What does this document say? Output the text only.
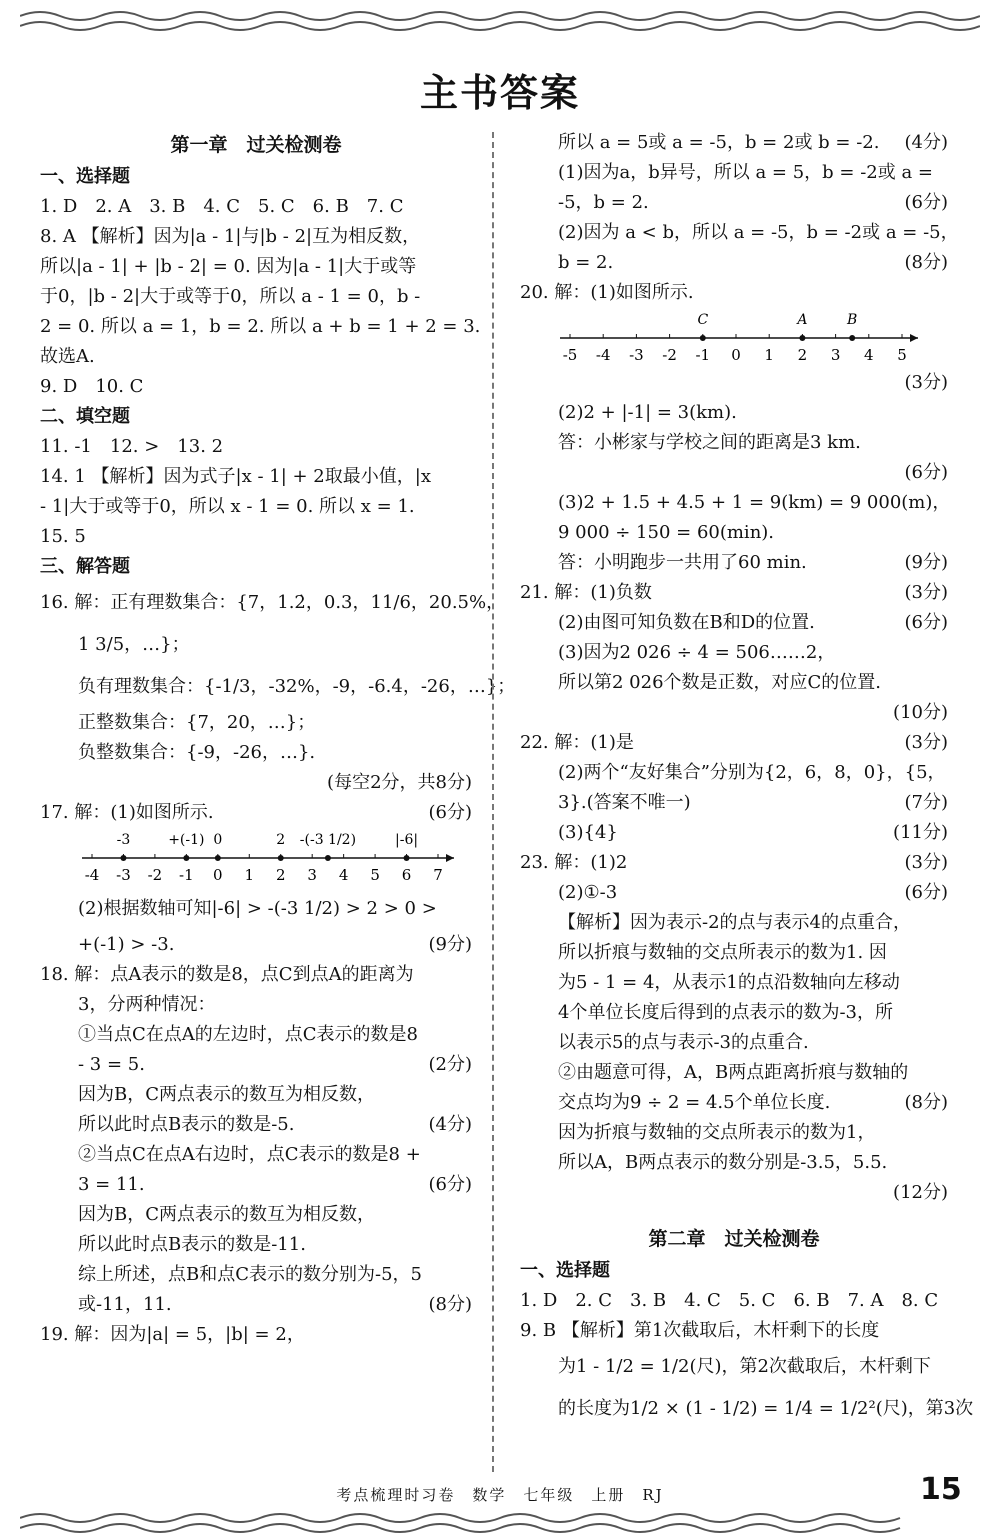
主书答案
第一章　过关检测卷
一、选择题
1. D　2. A　3. B　4. C　5. C　6. B　7. C
8. A 【解析】因为|a - 1|与|b - 2|互为相反数，
所以|a - 1| + |b - 2| = 0. 因为|a - 1|大于或等
于0，|b - 2|大于或等于0，所以 a - 1 = 0，b -
2 = 0. 所以 a = 1，b = 2. 所以 a + b = 1 + 2 = 3.
故选A.
9. D　10. C
二、填空题
11. -1　12. >　13. 2
14. 1 【解析】因为式子|x - 1| + 2取最小值，|x
- 1|大于或等于0，所以 x - 1 = 0. 所以 x = 1.
15. 5
三、解答题
16. 解：正有理数集合：{7，1.2̇，0.3，11/6，20.5%，
1 3/5，…}；
负有理数集合：{-1/3，-32%，-9，-6.4，-26，…}；
正整数集合：{7，20，…}；
负整数集合：{-9，-26，…}.
(每空2分，共8分)
17. 解：(1)如图所示.	(6分)
-4 -3 -2 -1 0 1 2 3 4 5 6 7
-3	+(-1) 0	2 -(-3 1/2)	|-6|
(2)根据数轴可知|-6| > -(-3 1/2) > 2 > 0 >
+(-1) > -3.	(9分)
18. 解：点A表示的数是8，点C到点A的距离为
3，分两种情况：
①当点C在点A的左边时，点C表示的数是8
- 3 = 5.	(2分)
因为B，C两点表示的数互为相反数，
所以此时点B表示的数是-5.	(4分)
②当点C在点A右边时，点C表示的数是8 +
3 = 11.	(6分)
因为B，C两点表示的数互为相反数，
所以此时点B表示的数是-11.
综上所述，点B和点C表示的数分别为-5，5
或-11，11.	(8分)
19. 解：因为|a| = 5，|b| = 2，
所以 a = 5或 a = -5，b = 2或 b = -2. (4分)
(1)因为a，b异号，所以 a = 5，b = -2或 a =
-5，b = 2.	(6分)
(2)因为 a < b，所以 a = -5，b = -2或 a = -5，
b = 2.	(8分)
20. 解：(1)如图所示.
-5 -4 -3 -2 -1 0 1 2 3 4 5
C	A	B
(3分)
(2)2 + |-1| = 3(km).
答：小彬家与学校之间的距离是3 km.
(6分)
(3)2 + 1.5 + 4.5 + 1 = 9(km) = 9 000(m)，
9 000 ÷ 150 = 60(min).
答：小明跑步一共用了60 min.	(9分)
21. 解：(1)负数	(3分)
(2)由图可知负数在B和D的位置.	(6分)
(3)因为2 026 ÷ 4 = 506……2，
所以第2 026个数是正数，对应C的位置.
(10分)
22. 解：(1)是	(3分)
(2)两个“友好集合”分别为{2，6，8，0}，{5，
3}.(答案不唯一)	(7分)
(3){4}	(11分)
23. 解：(1)2	(3分)
(2)①-3	(6分)
【解析】因为表示-2的点与表示4的点重合，
所以折痕与数轴的交点所表示的数为1. 因
为5 - 1 = 4，从表示1的点沿数轴向左移动
4个单位长度后得到的点表示的数为-3，所
以表示5的点与表示-3的点重合.
②由题意可得，A，B两点距离折痕与数轴的
交点均为9 ÷ 2 = 4.5个单位长度.	(8分)
因为折痕与数轴的交点所表示的数为1，
所以A，B两点表示的数分别是-3.5，5.5.
(12分)
第二章　过关检测卷
一、选择题
1. D　2. C　3. B　4. C　5. C　6. B　7. A　8. C
9. B 【解析】第1次截取后，木杆剩下的长度
为1 - 1/2 = 1/2(尺)，第2次截取后，木杆剩下
的长度为1/2 × (1 - 1/2) = 1/4 = 1/2²(尺)，第3次
考点梳理时习卷　数学　七年级　上册　RJ	15
